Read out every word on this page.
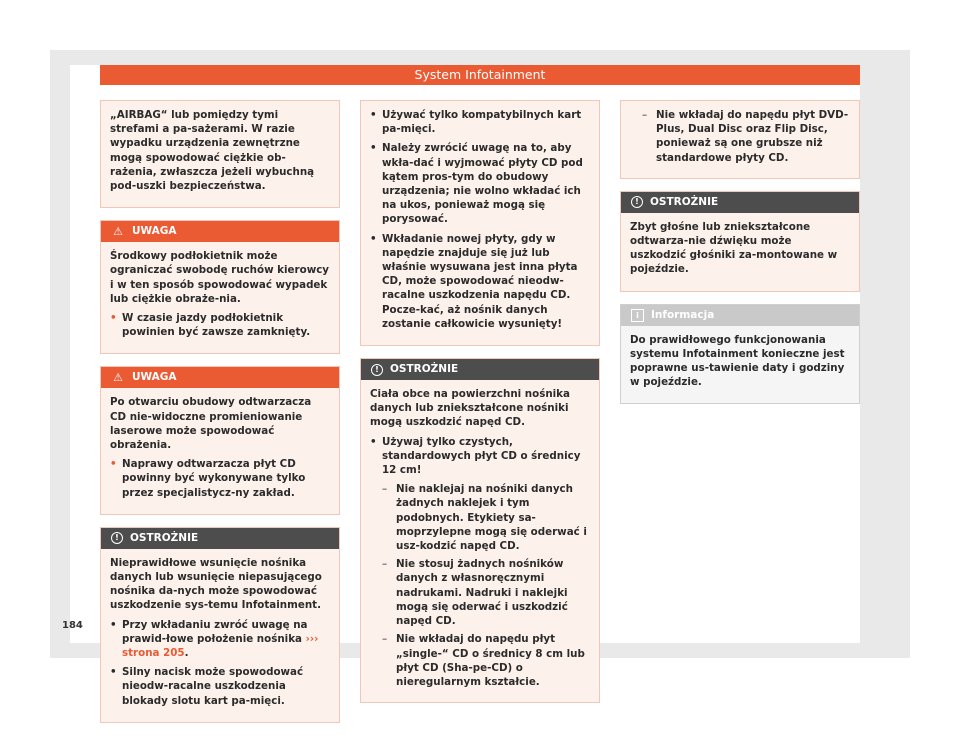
System Infotainment

„AIRBAG“ lub pomiędzy tymi strefami a pa-sażerami. W razie wypadku urządzenia zewnętrzne mogą spowodować ciężkie ob-rażenia, zwłaszcza jeżeli wybuchną pod-uszki bezpieczeństwa.

⚠ UWAGA

Środkowy podłokietnik może ograniczać swobodę ruchów kierowcy i w ten sposób spowodować wypadek lub ciężkie obraże-nia.

• W czasie jazdy podłokietnik powinien być zawsze zamknięty.
⚠ UWAGA

Po otwarciu obudowy odtwarzacza CD nie-widoczne promieniowanie laserowe może spowodować obrażenia.

• Naprawy odtwarzacza płyt CD powinny być wykonywane tylko przez specjalistycz-ny zakład.
!	OSTROŻNIE

Nieprawidłowe wsunięcie nośnika danych lub wsunięcie niepasującego nośnika da-nych może spowodować uszkodzenie sys-temu Infotainment.

• Przy wkładaniu zwróć uwagę na prawid-łowe położenie nośnika ››› strona 205.
• Silny nacisk może spowodować nieodw-racalne uszkodzenia blokady slotu kart pa-mięci.
• Używać tylko kompatybilnych kart pa-mięci.
• Należy zwrócić uwagę na to, aby wkła-dać i wyjmować płyty CD pod kątem pros-tym do obudowy urządzenia; nie wolno wkładać ich na ukos, ponieważ mogą się porysować.
• Wkładanie nowej płyty, gdy w napędzie znajduje się już lub właśnie wysuwana jest inna płyta CD, może spowodować nieodw-racalne uszkodzenia napędu CD. Pocze-kać, aż nośnik danych zostanie całkowicie wysunięty!
!	OSTROŻNIE

Ciała obce na powierzchni nośnika danych lub zniekształcone nośniki mogą uszkodzić napęd CD.

• Używaj tylko czystych, standardowych płyt CD o średnicy 12 cm!
– Nie naklejaj na nośniki danych żadnych naklejek i tym podobnych. Etykiety sa-moprzylepne mogą się oderwać i usz-kodzić napęd CD.
– Nie stosuj żadnych nośników danych z własnoręcznymi nadrukami. Nadruki i naklejki mogą się oderwać i uszkodzić napęd CD.
– Nie wkładaj do napędu płyt „single-“ CD o średnicy 8 cm lub płyt CD (Sha-pe-CD) o nieregularnym kształcie.
– Nie wkładaj do napędu płyt DVD-Plus, Dual Disc oraz Flip Disc, ponieważ są one grubsze niż standardowe płyty CD.
!	OSTROŻNIE

Zbyt głośne lub zniekształcone odtwarza-nie dźwięku może uszkodzić głośniki za-montowane w pojeździe.

i	Informacja

Do prawidłowego funkcjonowania systemu Infotainment konieczne jest poprawne us-tawienie daty i godziny w pojeździe.

184
